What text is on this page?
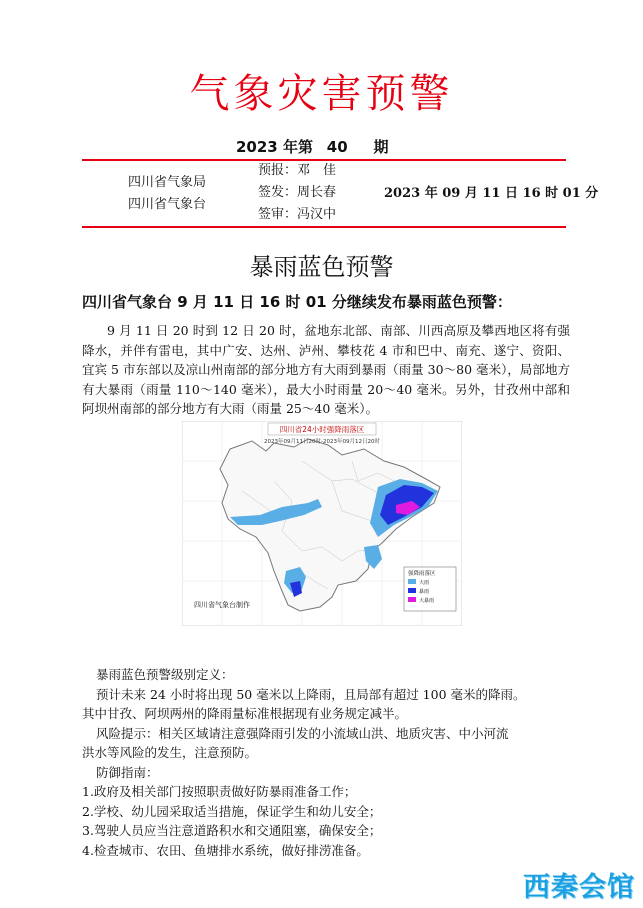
气象灾害预警
2023 年第 40 期
四川省气象局
四川省气象台
预报：邓　佳
签发：周长春
签审：冯汉中
2023 年 09 月 11 日 16 时 01 分
暴雨蓝色预警
四川省气象台 9 月 11 日 16 时 01 分继续发布暴雨蓝色预警：

9 月 11 日 20 时到 12 日 20 时，盆地东北部、南部、川西高原及攀西地区将有强降水，并伴有雷电，其中广安、达州、泸州、攀枝花 4 市和巴中、南充、遂宁、资阳、宜宾 5 市东部以及凉山州南部的部分地方有大雨到暴雨（雨量 30～80 毫米），局部地方有大暴雨（雨量 110～140 毫米），最大小时雨量 20～40 毫米。另外，甘孜州中部和阿坝州南部的部分地方有大雨（雨量 25～40 毫米）。

四川省24小时强降雨落区
2023年09月11日20时-2023年09月12日20时
强降雨落区
大雨
暴雨
大暴雨
四川省气象台制作
暴雨蓝色预警级别定义：
预计未来 24 小时将出现 50 毫米以上降雨，且局部有超过 100 毫米的降雨。
其中甘孜、阿坝两州的降雨量标准根据现有业务规定减半。
风险提示：相关区域请注意强降雨引发的小流域山洪、地质灾害、中小河流
洪水等风险的发生，注意预防。
防御指南：
1.政府及相关部门按照职责做好防暴雨准备工作；
2.学校、幼儿园采取适当措施，保证学生和幼儿安全；
3.驾驶人员应当注意道路积水和交通阻塞，确保安全；
4.检查城市、农田、鱼塘排水系统，做好排涝准备。
西秦会馆
